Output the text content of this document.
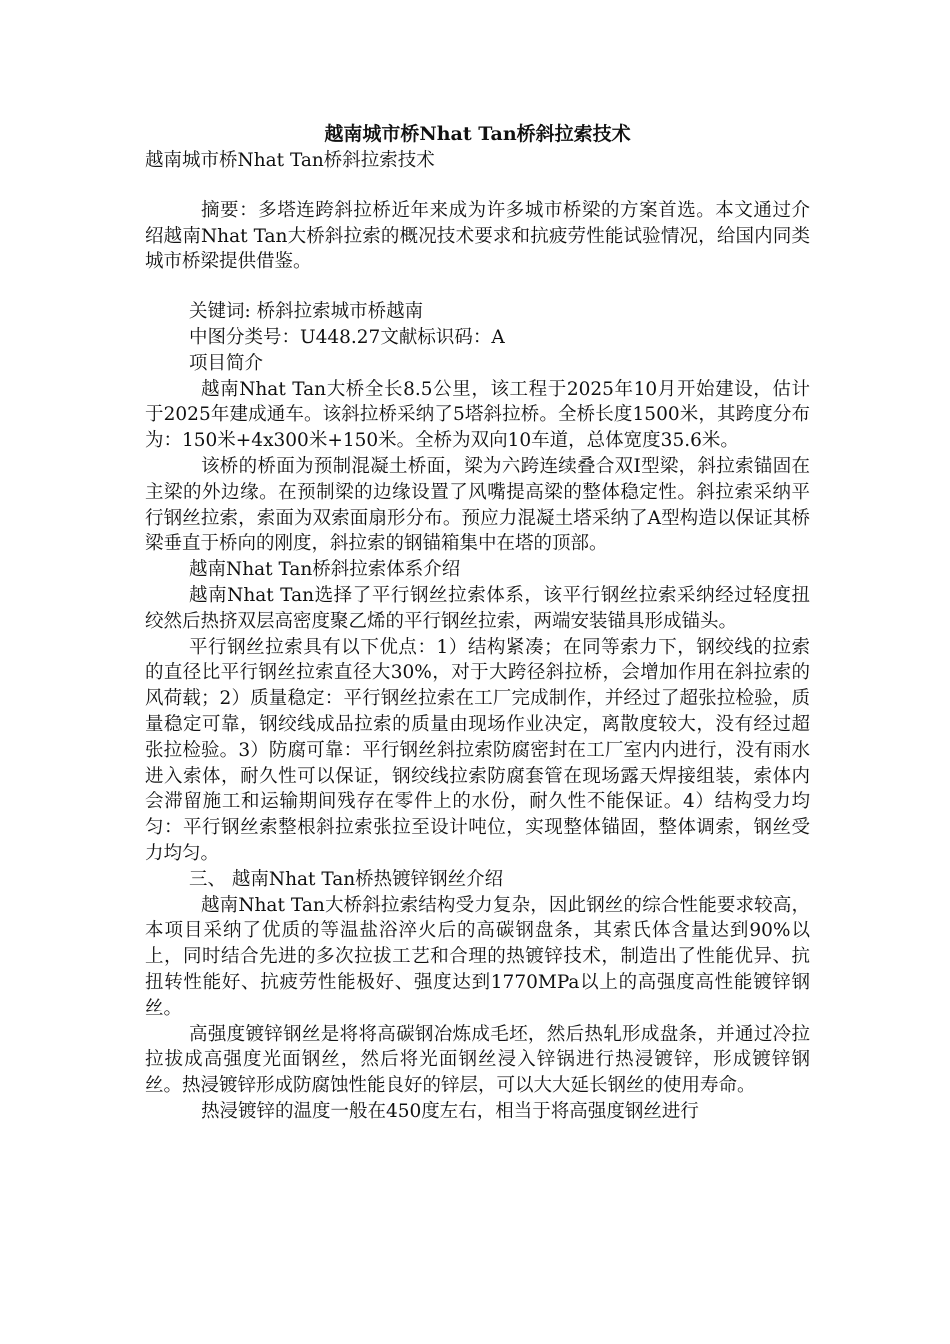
越南城市桥Nhat Tan桥斜拉索技术

越南城市桥Nhat Tan桥斜拉索技术

摘要：多塔连跨斜拉桥近年来成为许多城市桥梁的方案首选。本文通过介绍越南Nhat Tan大桥斜拉索的概况技术要求和抗疲劳性能试验情况，给国内同类城市桥梁提供借鉴。

关键词: 桥斜拉索城市桥越南

中图分类号：U448.27文献标识码：A

项目简介

越南Nhat Tan大桥全长8.5公里，该工程于2025年10月开始建设，估计于2025年建成通车。该斜拉桥采纳了5塔斜拉桥。全桥长度1500米，其跨度分布为：150米+4x300米+150米。全桥为双向10车道，总体宽度35.6米。

该桥的桥面为预制混凝土桥面，梁为六跨连续叠合双I型梁，斜拉索锚固在主梁的外边缘。在预制梁的边缘设置了风嘴提高梁的整体稳定性。斜拉索采纳平行钢丝拉索，索面为双索面扇形分布。预应力混凝土塔采纳了A型构造以保证其桥梁垂直于桥向的刚度，斜拉索的钢锚箱集中在塔的顶部。

越南Nhat Tan桥斜拉索体系介绍

越南Nhat Tan选择了平行钢丝拉索体系，该平行钢丝拉索采纳经过轻度扭绞然后热挤双层高密度聚乙烯的平行钢丝拉索，两端安装锚具形成锚头。

平行钢丝拉索具有以下优点：1）结构紧凑；在同等索力下，钢绞线的拉索的直径比平行钢丝拉索直径大30%，对于大跨径斜拉桥，会增加作用在斜拉索的风荷载；2）质量稳定：平行钢丝拉索在工厂完成制作，并经过了超张拉检验，质量稳定可靠，钢绞线成品拉索的质量由现场作业决定，离散度较大，没有经过超张拉检验。3）防腐可靠：平行钢丝斜拉索防腐密封在工厂室内内进行，没有雨水进入索体，耐久性可以保证，钢绞线拉索防腐套管在现场露天焊接组装，索体内会滞留施工和运输期间残存在零件上的水份，耐久性不能保证。4）结构受力均匀：平行钢丝索整根斜拉索张拉至设计吨位，实现整体锚固，整体调索，钢丝受力均匀。

三、 越南Nhat Tan桥热镀锌钢丝介绍

越南Nhat Tan大桥斜拉索结构受力复杂，因此钢丝的综合性能要求较高，本项目采纳了优质的等温盐浴淬火后的高碳钢盘条，其索氏体含量达到90%以上，同时结合先进的多次拉拔工艺和合理的热镀锌技术，制造出了性能优异、抗扭转性能好、抗疲劳性能极好、强度达到1770MPa以上的高强度高性能镀锌钢丝。

高强度镀锌钢丝是将将高碳钢冶炼成毛坯，然后热轧形成盘条，并通过冷拉拉拔成高强度光面钢丝，然后将光面钢丝浸入锌锅进行热浸镀锌，形成镀锌钢丝。热浸镀锌形成防腐蚀性能良好的锌层，可以大大延长钢丝的使用寿命。

热浸镀锌的温度一般在450度左右，相当于将高强度钢丝进行
